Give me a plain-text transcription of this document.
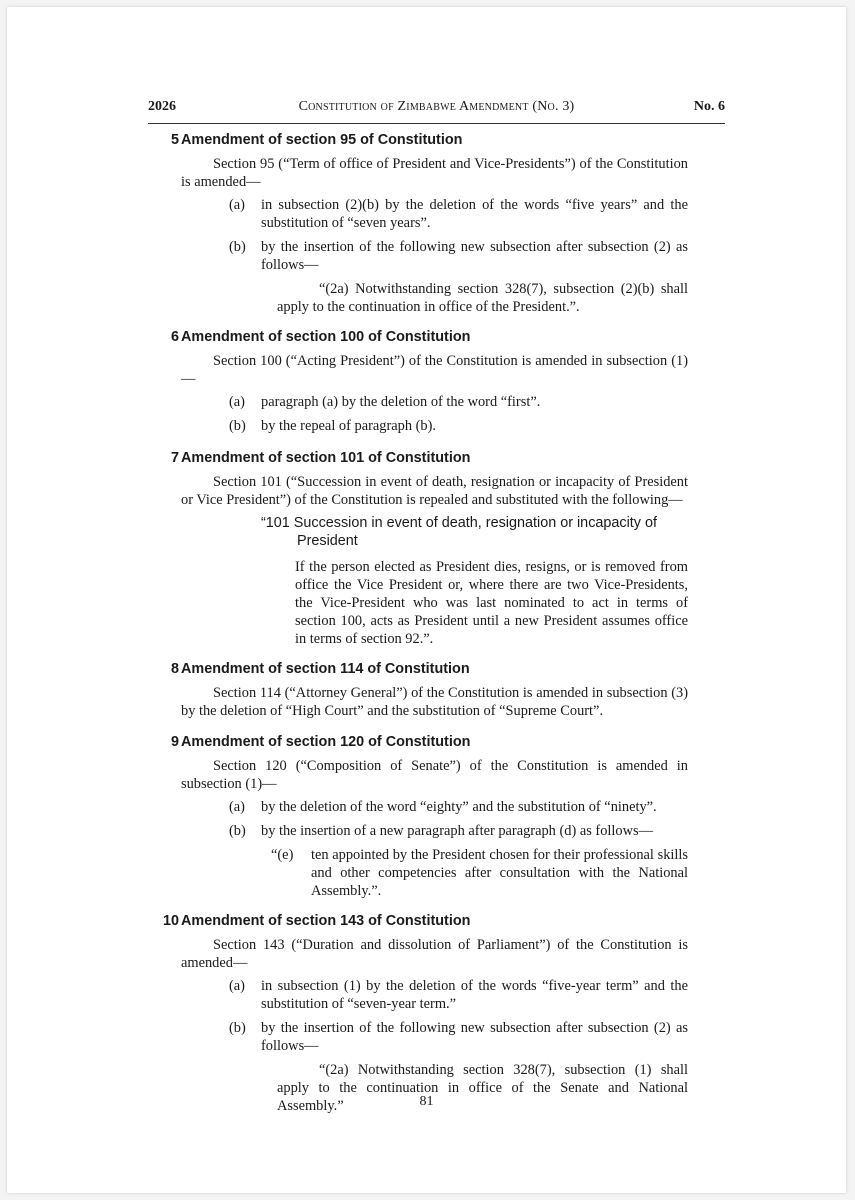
2026	Constitution of Zimbabwe Amendment (No. 3)	No. 6
5 Amendment of section 95 of Constitution

Section 95 (“Term of office of President and Vice-Presidents”) of the Constitution is amended—

(a) in subsection (2)(b) by the deletion of the words “five years” and the substitution of “seven years”.
(b) by the insertion of the following new subsection after subsection (2) as follows—

“(2a) Notwithstanding section 328(7), subsection (2)(b) shall apply to the continuation in office of the President.”.

6 Amendment of section 100 of Constitution

Section 100 (“Acting President”) of the Constitution is amended in subsection (1)—

(a) paragraph (a) by the deletion of the word “first”.
(b) by the repeal of paragraph (b).
7 Amendment of section 101 of Constitution

Section 101 (“Succession in event of death, resignation or incapacity of President or Vice President”) of the Constitution is repealed and substituted with the following—

“101 Succession in event of death, resignation or incapacity of
President

If the person elected as President dies, resigns, or is removed from office the Vice President or, where there are two Vice-Presidents, the Vice-President who was last nominated to act in terms of section 100, acts as President until a new President assumes office in terms of section 92.”.

8 Amendment of section 114 of Constitution

Section 114 (“Attorney General”) of the Constitution is amended in subsection (3) by the deletion of “High Court” and the substitution of “Supreme Court”.

9 Amendment of section 120 of Constitution

Section 120 (“Composition of Senate”) of the Constitution is amended in subsection (1)—

(a) by the deletion of the word “eighty” and the substitution of “ninety”.
(b) by the insertion of a new paragraph after paragraph (d) as follows—
“(e) ten appointed by the President chosen for their professional skills and other competencies after consultation with the National Assembly.”.
10 Amendment of section 143 of Constitution

Section 143 (“Duration and dissolution of Parliament”) of the Constitution is amended—

(a) in subsection (1) by the deletion of the words “five-year term” and the substitution of “seven-year term.”
(b) by the insertion of the following new subsection after subsection (2) as follows—

“(2a) Notwithstanding section 328(7), subsection (1) shall apply to the continuation in office of the Senate and National Assembly.”	81
